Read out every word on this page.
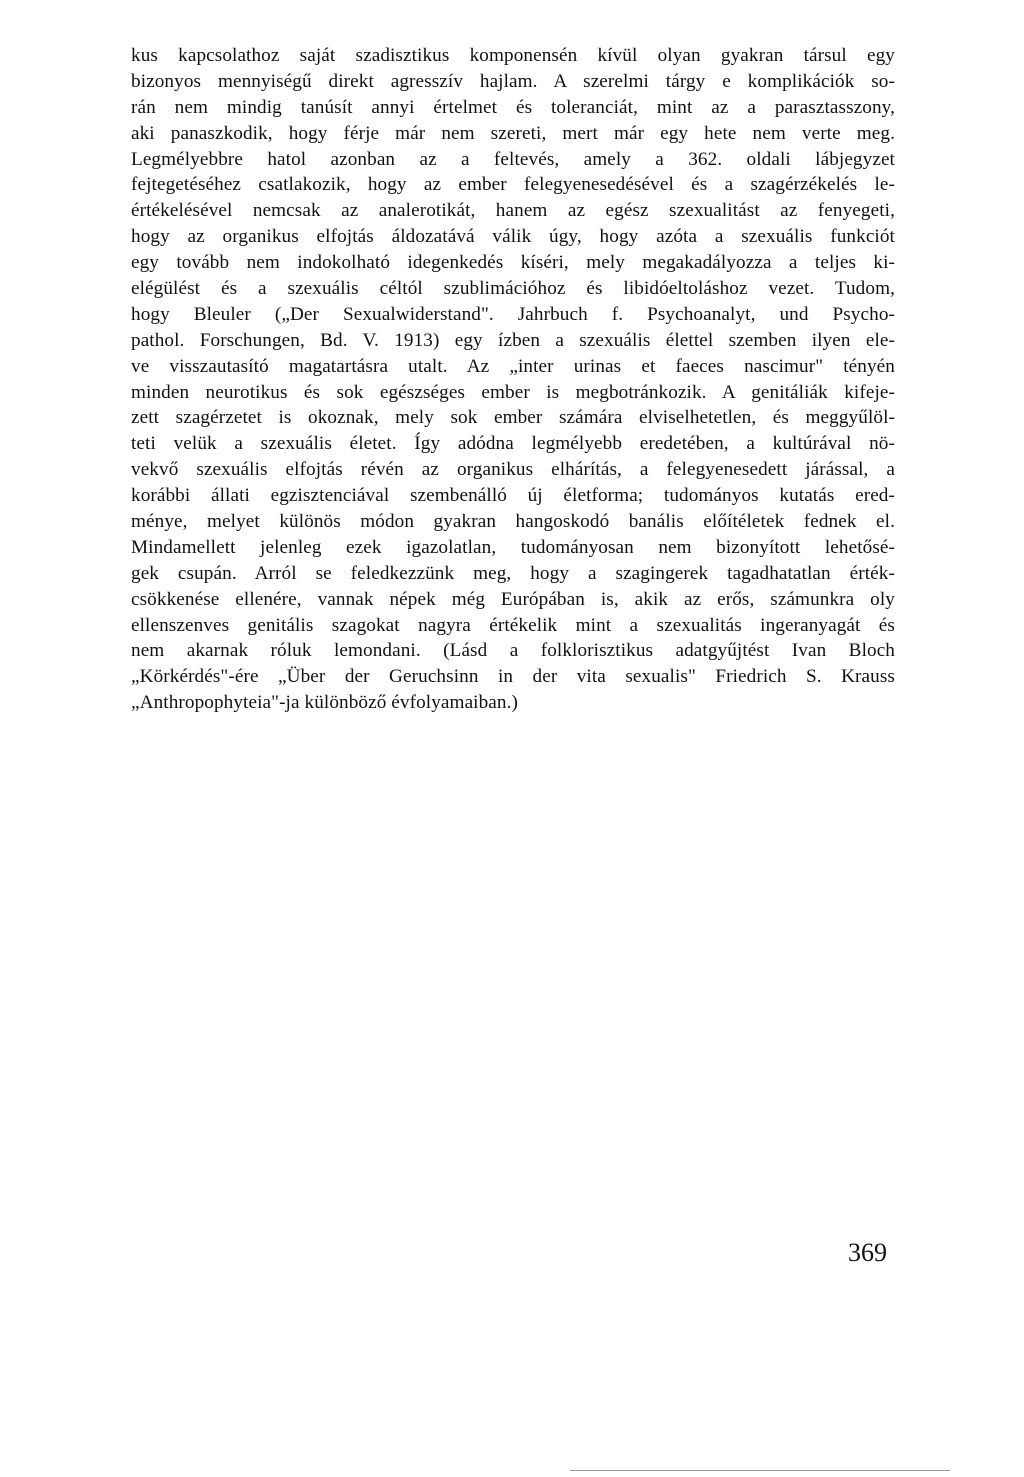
kus kapcsolathoz saját szadisztikus komponensén kívül olyan gyakran társul egy
bizonyos mennyiségű direkt agresszív hajlam. A szerelmi tárgy e komplikációk so-
rán nem mindig tanúsít annyi értelmet és toleranciát, mint az a parasztasszony,
aki panaszkodik, hogy férje már nem szereti, mert már egy hete nem verte meg.
Legmélyebbre hatol azonban az a feltevés, amely a 362. oldali lábjegyzet
fejtegetéséhez csatlakozik, hogy az ember felegyenesedésével és a szagérzékelés le-
értékelésével nemcsak az analerotikát, hanem az egész szexualitást az fenyegeti,
hogy az organikus elfojtás áldozatává válik úgy, hogy azóta a szexuális funkciót
egy tovább nem indokolható idegenkedés kíséri, mely megakadályozza a teljes ki-
elégülést és a szexuális céltól szublimációhoz és libidóeltoláshoz vezet. Tudom,
hogy Bleuler („Der Sexualwiderstand". Jahrbuch f. Psychoanalyt, und Psycho-
pathol. Forschungen, Bd. V. 1913) egy ízben a szexuális élettel szemben ilyen ele-
ve visszautasító magatartásra utalt. Az „inter urinas et faeces nascimur" tényén
minden neurotikus és sok egészséges ember is megbotránkozik. A genitáliák kifeje-
zett szagérzetet is okoznak, mely sok ember számára elviselhetetlen, és meggyűlöl-
teti velük a szexuális életet. Így adódna legmélyebb eredetében, a kultúrával nö-
vekvő szexuális elfojtás révén az organikus elhárítás, a felegyenesedett járással, a
korábbi állati egzisztenciával szembenálló új életforma; tudományos kutatás ered-
ménye, melyet különös módon gyakran hangoskodó banális előítéletek fednek el.
Mindamellett jelenleg ezek igazolatlan, tudományosan nem bizonyított lehetősé-
gek csupán. Arról se feledkezzünk meg, hogy a szagingerek tagadhatatlan érték-
csökkenése ellenére, vannak népek még Európában is, akik az erős, számunkra oly
ellenszenves genitális szagokat nagyra értékelik mint a szexualitás ingeranyagát és
nem akarnak róluk lemondani. (Lásd a folklorisztikus adatgyűjtést Ivan Bloch
„Körkérdés"-ére „Über der Geruchsinn in der vita sexualis" Friedrich S. Krauss
„Anthropophyteia"-ja különböző évfolyamaiban.)
369
